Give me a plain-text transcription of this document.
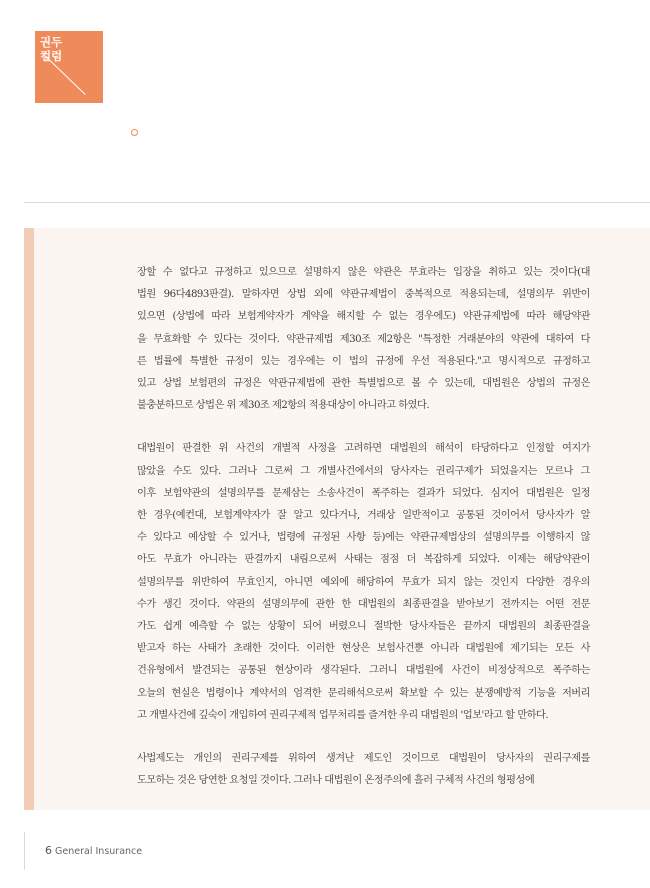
권두
컬럼

장할 수 없다고 규정하고 있으므로 설명하지 않은 약관은 무효라는 입장을 취하고 있는 것이다(대
법원 96다4893판결). 말하자면 상법 외에 약관규제법이 중복적으로 적용되는데, 설명의무 위반이
있으면 (상법에 따라 보험계약자가 계약을 해지할 수 없는 경우에도) 약관규제법에 따라 해당약관
을 무효화할 수 있다는 것이다. 약관규제법 제30조 제2항은 "특정한 거래분야의 약관에 대하여 다
른 법률에 특별한 규정이 있는 경우에는 이 법의 규정에 우선 적용된다."고 명시적으로 규정하고
있고 상법 보험편의 규정은 약관규제법에 관한 특별법으로 볼 수 있는데, 대법원은 상법의 규정은
불충분하므로 상법은 위 제30조 제2항의 적용대상이 아니라고 하였다.

대법원이 판결한 위 사건의 개별적 사정을 고려하면 대법원의 해석이 타당하다고 인정할 여지가
많았을 수도 있다. 그러나 그로써 그 개별사건에서의 당사자는 권리구제가 되었을지는 모르나 그
이후 보험약관의 설명의무를 문제삼는 소송사건이 폭주하는 결과가 되었다. 심지어 대법원은 일정
한 경우(예컨대, 보험계약자가 잘 알고 있다거나, 거래상 일반적이고 공통된 것이어서 당사자가 알
수 있다고 예상할 수 있거나, 법령에 규정된 사항 등)에는 약관규제법상의 설명의무를 이행하지 않
아도 무효가 아니라는 판결까지 내림으로써 사태는 점점 더 복잡하게 되었다. 이제는 해당약관이
설명의무를 위반하여 무효인지, 아니면 예외에 해당하여 무효가 되지 않는 것인지 다양한 경우의
수가 생긴 것이다. 약관의 설명의무에 관한 한 대법원의 최종판결을 받아보기 전까지는 어떤 전문
가도 쉽게 예측할 수 없는 상황이 되어 버렸으니 절박한 당사자들은 끝까지 대법원의 최종판결을
받고자 하는 사태가 초래한 것이다. 이러한 현상은 보험사건뿐 아니라 대법원에 제기되는 모든 사
건유형에서 발견되는 공통된 현상이라 생각된다. 그러니 대법원에 사건이 비정상적으로 폭주하는
오늘의 현실은 법령이나 계약서의 엄격한 문리해석으로써 확보할 수 있는 분쟁예방적 기능을 저버리
고 개별사건에 깊숙이 개입하여 권리구제적 업무처리를 즐겨한 우리 대법원의 '업보'라고 할 만하다.

사법제도는 개인의 권리구제를 위하여 생겨난 제도인 것이므로 대법원이 당사자의 권리구제를
도모하는 것은 당연한 요청일 것이다. 그러나 대법원이 온정주의에 흘러 구체적 사건의 형평성에

6 General Insurance
